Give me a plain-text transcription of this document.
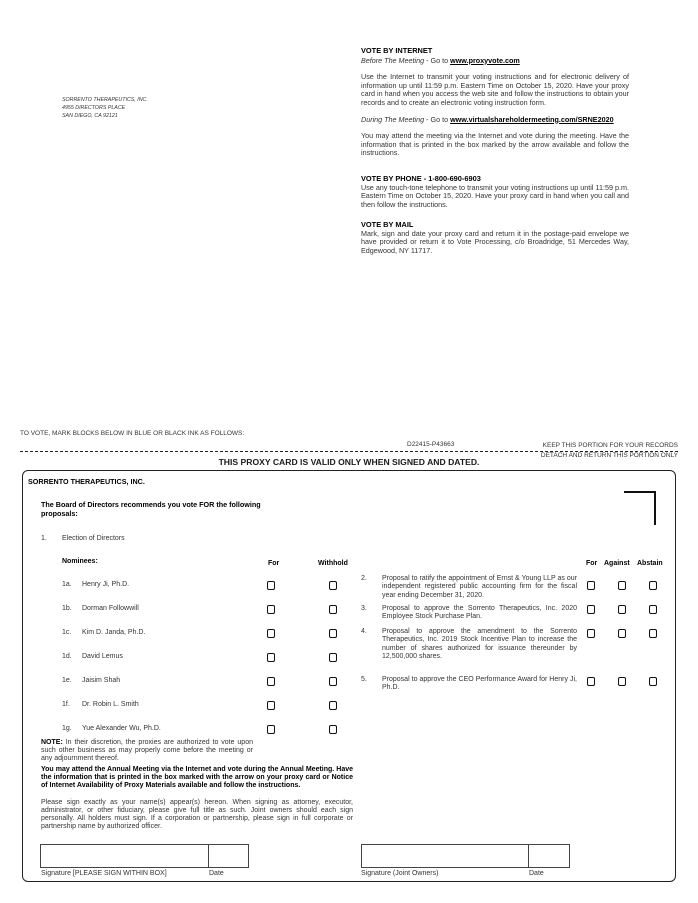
SORRENTO THERAPEUTICS, INC.
4955 DIRECTORS PLACE
SAN DIEGO, CA 92121
VOTE BY INTERNET

Before The Meeting - Go to www.proxyvote.com

Use the Internet to transmit your voting instructions and for electronic delivery of information up until 11:59 p.m. Eastern Time on October 15, 2020. Have your proxy card in hand when you access the web site and follow the instructions to obtain your records and to create an electronic voting instruction form.

During The Meeting - Go to www.virtualshareholdermeeting.com/SRNE2020

You may attend the meeting via the Internet and vote during the meeting. Have the information that is printed in the box marked by the arrow available and follow the instructions.

VOTE BY PHONE - 1-800-690-6903

Use any touch-tone telephone to transmit your voting instructions up until 11:59 p.m. Eastern Time on October 15, 2020. Have your proxy card in hand when you call and then follow the instructions.

VOTE BY MAIL

Mark, sign and date your proxy card and return it in the postage-paid envelope we have provided or return it to Vote Processing, c/o Broadridge, 51 Mercedes Way, Edgewood, NY 11717.

TO VOTE, MARK BLOCKS BELOW IN BLUE OR BLACK INK AS FOLLOWS:
D22415-P43663	KEEP THIS PORTION FOR YOUR RECORDS
THIS PROXY CARD IS VALID ONLY WHEN SIGNED AND DATED.
DETACH AND RETURN THIS PORTION ONLY
SORRENTO THERAPEUTICS, INC.
The Board of Directors recommends you vote FOR the following proposals:
1. Election of Directors
Nominees:	For	Withhold
1a. Henry Ji, Ph.D.
1b. Dorman Followwill
1c. Kim D. Janda, Ph.D.
1d. David Lemus
1e. Jaisim Shah
1f. Dr. Robin L. Smith
1g. Yue Alexander Wu, Ph.D.
For Against Abstain
2. Proposal to ratify the appointment of Ernst & Young LLP as our independent registered public accounting firm for the fiscal year ending December 31, 2020.
3. Proposal to approve the Sorrento Therapeutics, Inc. 2020 Employee Stock Purchase Plan.
4. Proposal to approve the amendment to the Sorrento Therapeutics, Inc. 2019 Stock Incentive Plan to increase the number of shares authorized for issuance thereunder by 12,500,000 shares.
5. Proposal to approve the CEO Performance Award for Henry Ji, Ph.D.
NOTE: In their discretion, the proxies are authorized to vote upon such other business as may properly come before the meeting or any adjournment thereof.
You may attend the Annual Meeting via the Internet and vote during the Annual Meeting. Have the information that is printed in the box marked with the arrow on your proxy card or Notice of Internet Availability of Proxy Materials available and follow the instructions.
Please sign exactly as your name(s) appear(s) hereon. When signing as attorney, executor, administrator, or other fiduciary, please give full title as such. Joint owners should each sign personally. All holders must sign. If a corporation or partnership, please sign in full corporate or partnership name by authorized officer.
Signature [PLEASE SIGN WITHIN BOX]	Date	Signature (Joint Owners)	Date
